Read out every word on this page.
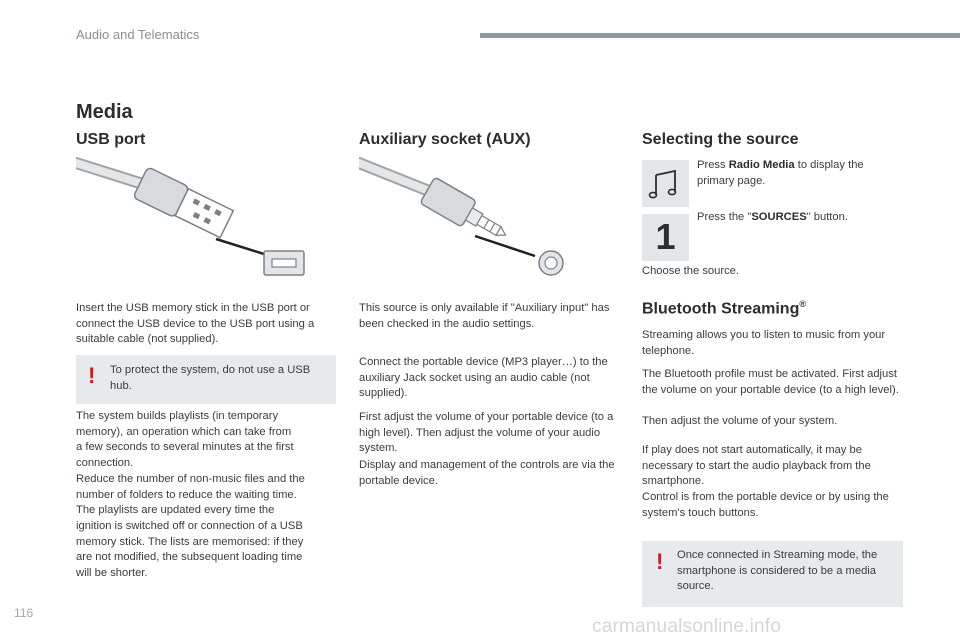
Audio and Telematics
Media
USB port
Insert the USB memory stick in the USB port or connect the USB device to the USB port using a suitable cable (not supplied).
! To protect the system, do not use a USB hub.
The system builds playlists (in temporary
memory), an operation which can take from
a few seconds to several minutes at the first
connection.
Reduce the number of non-music files and the
number of folders to reduce the waiting time.
The playlists are updated every time the
ignition is switched off or connection of a USB
memory stick. The lists are memorised: if they
are not modified, the subsequent loading time
will be shorter.
Auxiliary socket (AUX)
This source is only available if "Auxiliary input" has been checked in the audio settings.
Connect the portable device (MP3 player…) to the auxiliary Jack socket using an audio cable (not supplied).
First adjust the volume of your portable device (to a high level). Then adjust the volume of your audio system.
Display and management of the controls are via the portable device.
Selecting the source
Press Radio Media to display the primary page.
1	Press the "SOURCES" button.
Choose the source.
Bluetooth Streaming®
Streaming allows you to listen to music from your telephone.
The Bluetooth profile must be activated. First adjust the volume on your portable device (to a high level).
Then adjust the volume of your system.
If play does not start automatically, it may be necessary to start the audio playback from the smartphone.
Control is from the portable device or by using the system's touch buttons.
! Once connected in Streaming mode, the smartphone is considered to be a media source.
116
carmanualsonline.info
